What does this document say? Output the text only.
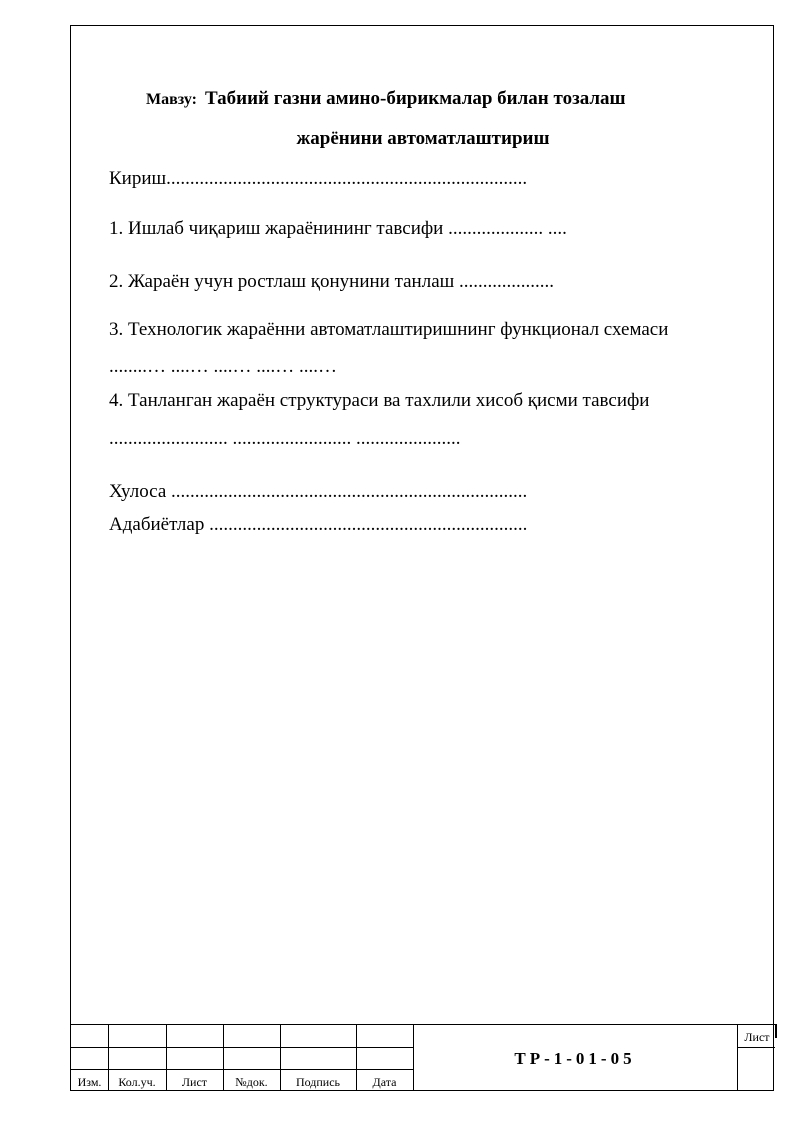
Мавзу: Табиий газни амино-бирикмалар билан тозалаш
жарёнини автоматлаштириш
Кириш............................................................................
1. Ишлаб чиқариш жараёнининг тавсифи .................... ....
2. Жараён учун ростлаш қонунини танлаш ....................
3. Технологик жараённи автоматлаштиришнинг функционал схемаси
........… ....… ....… ....… ....…
4. Танланган жараён структураси ва тахлили хисоб қисми тавсифи
......................... ......................... ......................
Хулоса ...........................................................................
Адабиётлар ...................................................................
Изм.	Кол.уч.	Лист	№док.	Подпись	Дата
ТР-1-01-05
Лист
